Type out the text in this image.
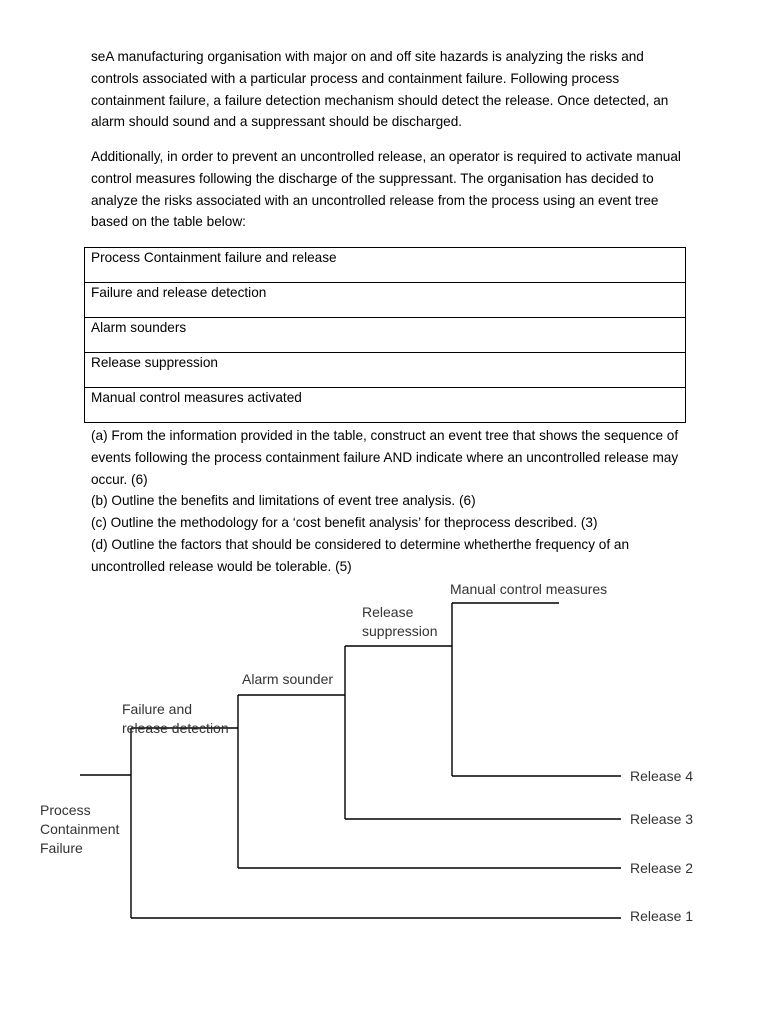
seA manufacturing organisation with major on and off site hazards is analyzing the risks and controls associated with a particular process and containment failure. Following process containment failure, a failure detection mechanism should detect the release. Once detected, an alarm should sound and a suppressant should be discharged.

Additionally, in order to prevent an uncontrolled release, an operator is required to activate manual control measures following the discharge of the suppressant. The organisation has decided to analyze the risks associated with an uncontrolled release from the process using an event tree based on the table below:

Process Containment failure and release
Failure and release detection
Alarm sounders
Release suppression
Manual control measures activated
(a) From the information provided in the table, construct an event tree that shows the sequence of events following the process containment failure AND indicate where an uncontrolled release may occur. (6)
(b) Outline the benefits and limitations of event tree analysis. (6)
(c) Outline the methodology for a ‘cost benefit analysis’ for theprocess described. (3)
(d) Outline the factors that should be considered to determine whetherthe frequency of an uncontrolled release would be tolerable. (5)
Process
Containment
Failure
Failure and
release detection
Alarm sounder
Release
suppression
Manual control measures
Release 4
Release 3
Release 2
Release 1
